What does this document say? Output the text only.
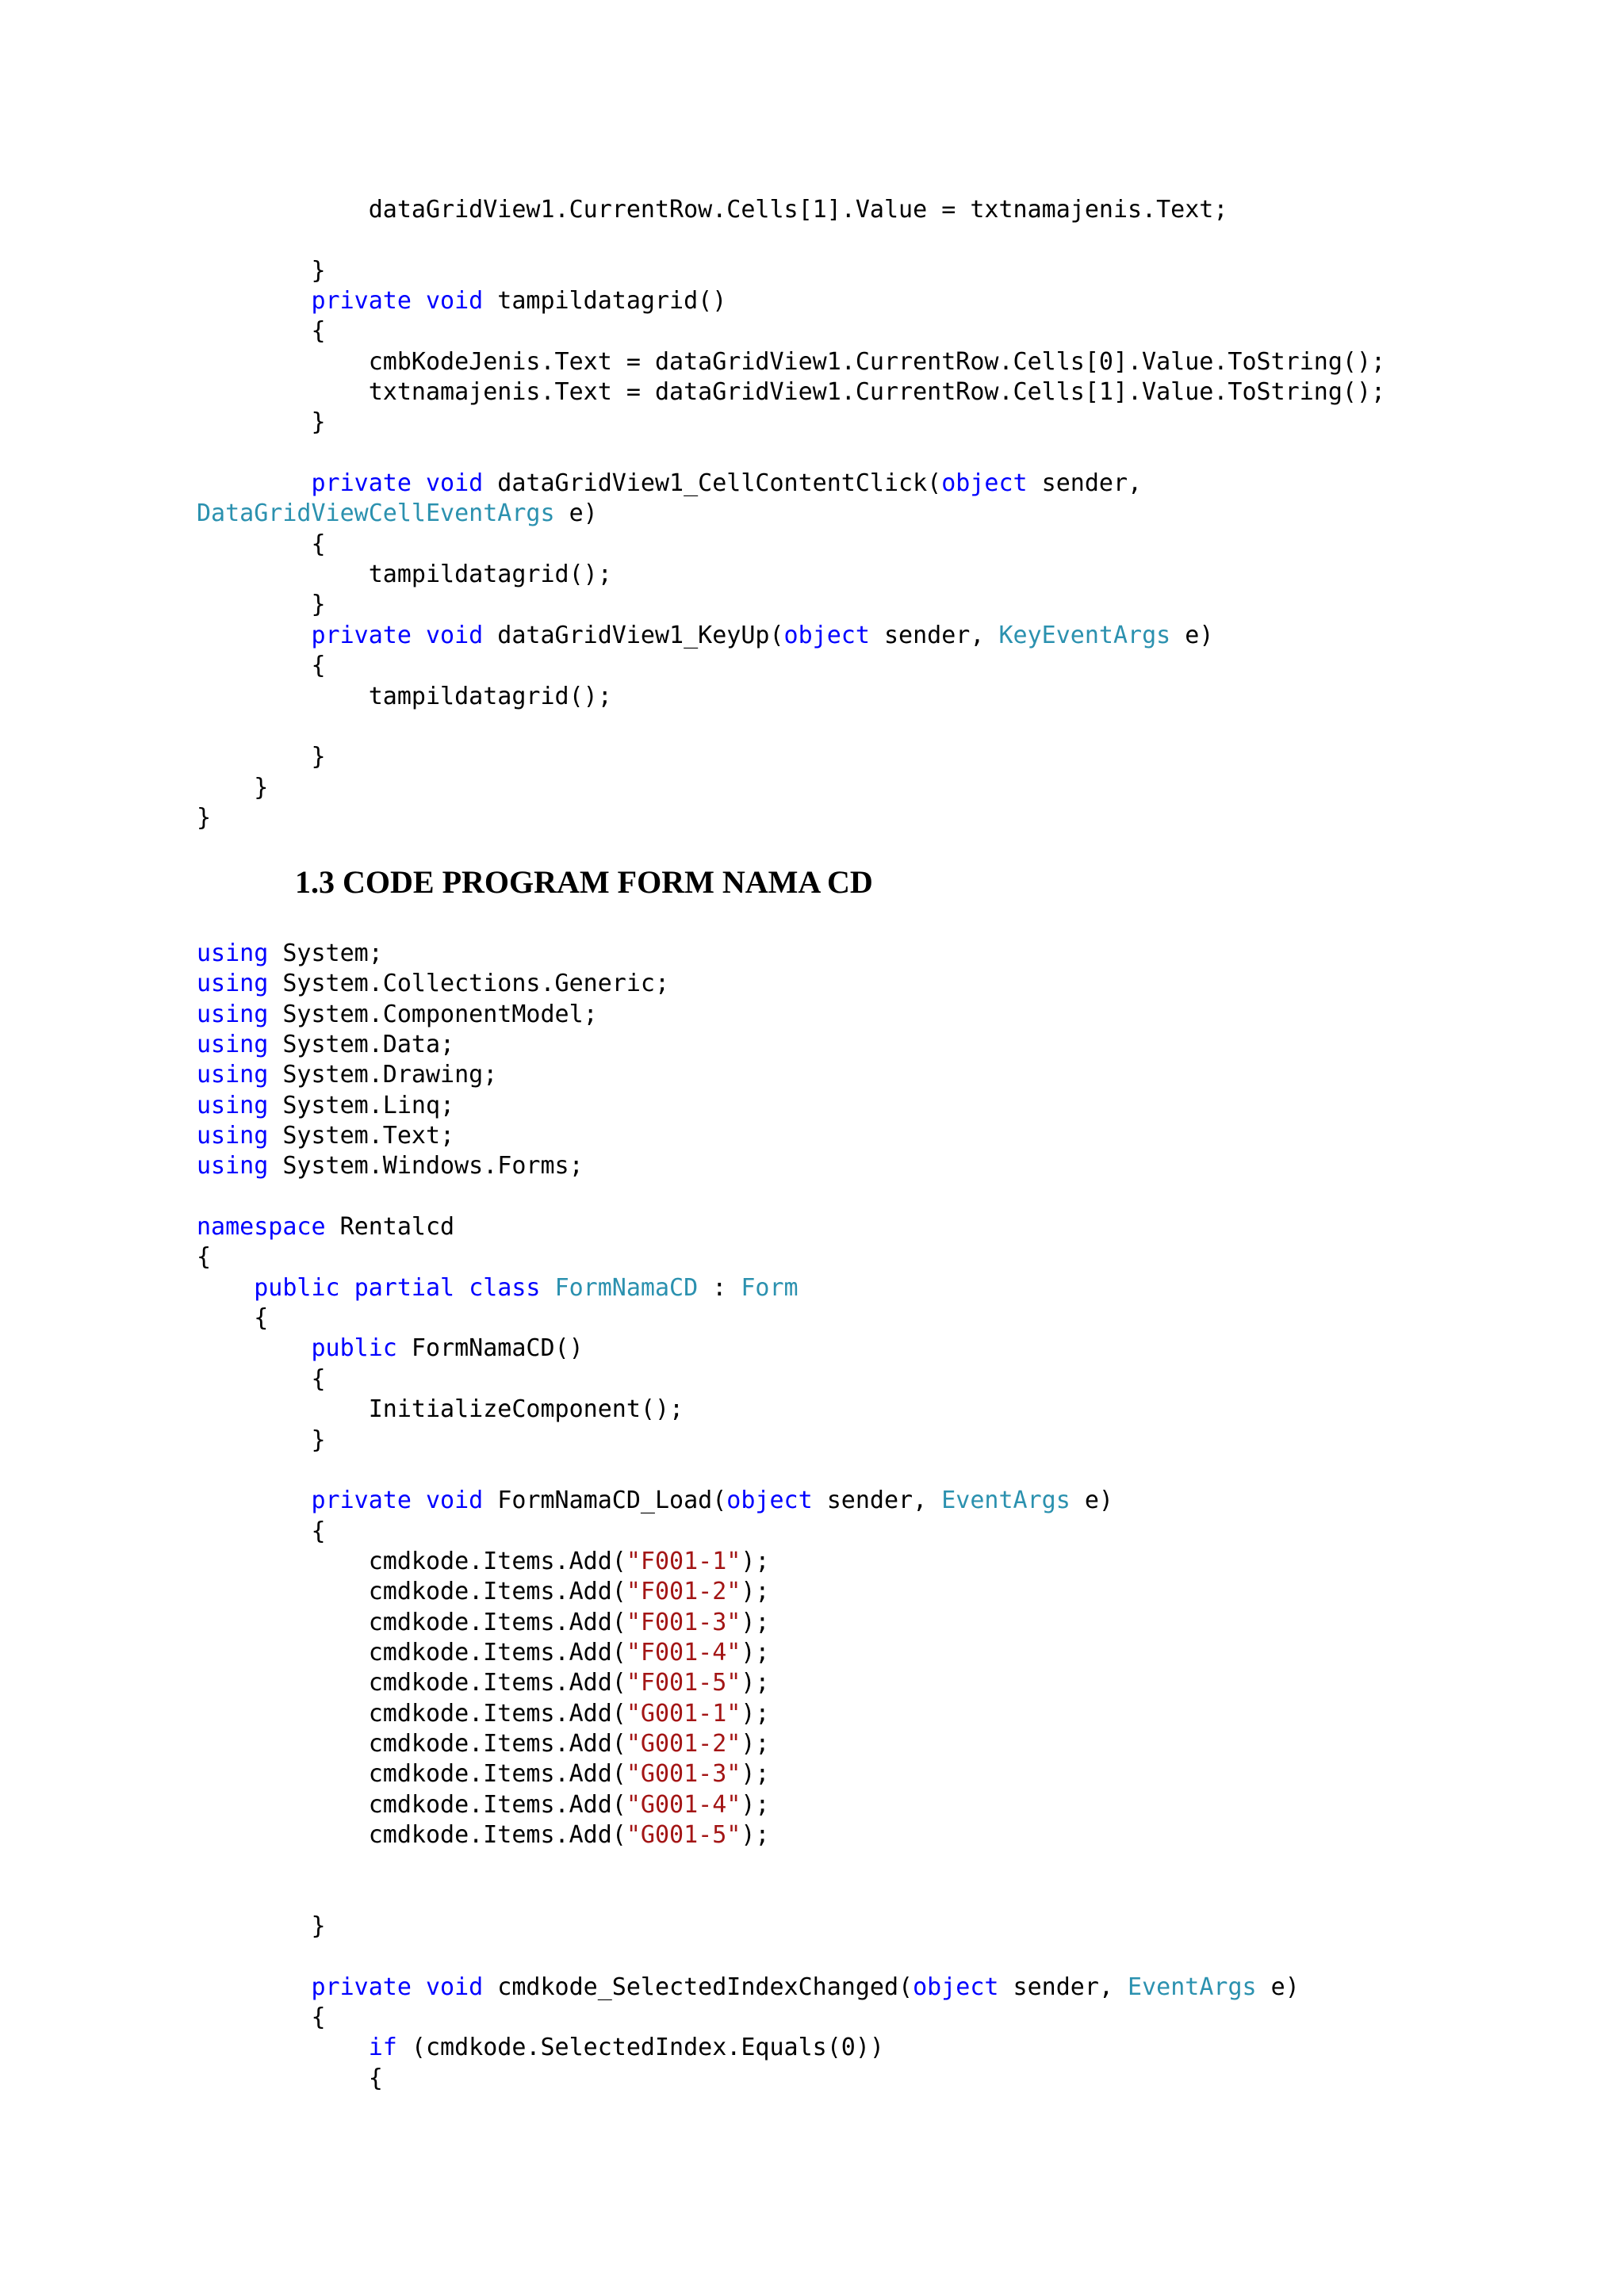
dataGridView1.CurrentRow.Cells[1].Value = txtnamajenis.Text;
}
private void tampildatagrid()
{
cmbKodeJenis.Text = dataGridView1.CurrentRow.Cells[0].Value.ToString();
txtnamajenis.Text = dataGridView1.CurrentRow.Cells[1].Value.ToString();
}
private void dataGridView1_CellContentClick(object sender,
DataGridViewCellEventArgs e)
{
tampildatagrid();
}
private void dataGridView1_KeyUp(object sender, KeyEventArgs e)
{
tampildatagrid();
}
}
}
1.3 CODE PROGRAM FORM NAMA CD
using System;
using System.Collections.Generic;
using System.ComponentModel;
using System.Data;
using System.Drawing;
using System.Linq;
using System.Text;
using System.Windows.Forms;
namespace Rentalcd
{
public partial class FormNamaCD : Form
{
public FormNamaCD()
{
InitializeComponent();
}
private void FormNamaCD_Load(object sender, EventArgs e)
{
cmdkode.Items.Add("F001-1");
cmdkode.Items.Add("F001-2");
cmdkode.Items.Add("F001-3");
cmdkode.Items.Add("F001-4");
cmdkode.Items.Add("F001-5");
cmdkode.Items.Add("G001-1");
cmdkode.Items.Add("G001-2");
cmdkode.Items.Add("G001-3");
cmdkode.Items.Add("G001-4");
cmdkode.Items.Add("G001-5");
}
private void cmdkode_SelectedIndexChanged(object sender, EventArgs e)
{
if (cmdkode.SelectedIndex.Equals(0))
{
